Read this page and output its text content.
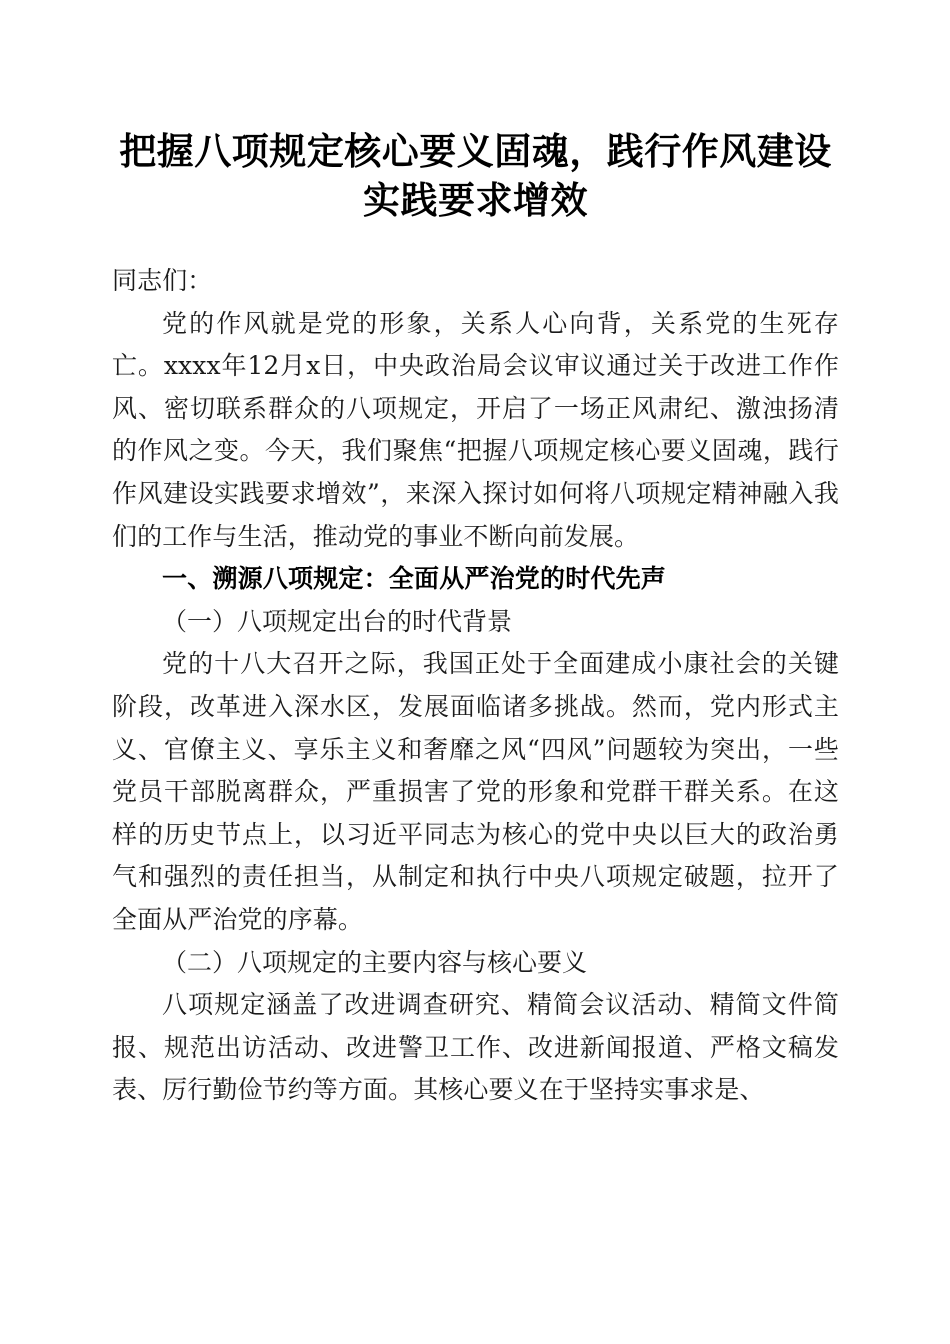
把握八项规定核心要义固魂，践行作风建设实践要求增效

同志们：

党的作风就是党的形象，关系人心向背，关系党的生死存亡。xxxx年12月x日，中央政治局会议审议通过关于改进工作作风、密切联系群众的八项规定，开启了一场正风肃纪、激浊扬清的作风之变。今天，我们聚焦“把握八项规定核心要义固魂，践行作风建设实践要求增效”，来深入探讨如何将八项规定精神融入我们的工作与生活，推动党的事业不断向前发展。

一、溯源八项规定：全面从严治党的时代先声

（一）八项规定出台的时代背景

党的十八大召开之际，我国正处于全面建成小康社会的关键阶段，改革进入深水区，发展面临诸多挑战。然而，党内形式主义、官僚主义、享乐主义和奢靡之风“四风”问题较为突出，一些党员干部脱离群众，严重损害了党的形象和党群干群关系。在这样的历史节点上，以习近平同志为核心的党中央以巨大的政治勇气和强烈的责任担当，从制定和执行中央八项规定破题，拉开了全面从严治党的序幕。

（二）八项规定的主要内容与核心要义

八项规定涵盖了改进调查研究、精简会议活动、精简文件简报、规范出访活动、改进警卫工作、改进新闻报道、严格文稿发表、厉行勤俭节约等方面。其核心要义在于坚持实事求是、
